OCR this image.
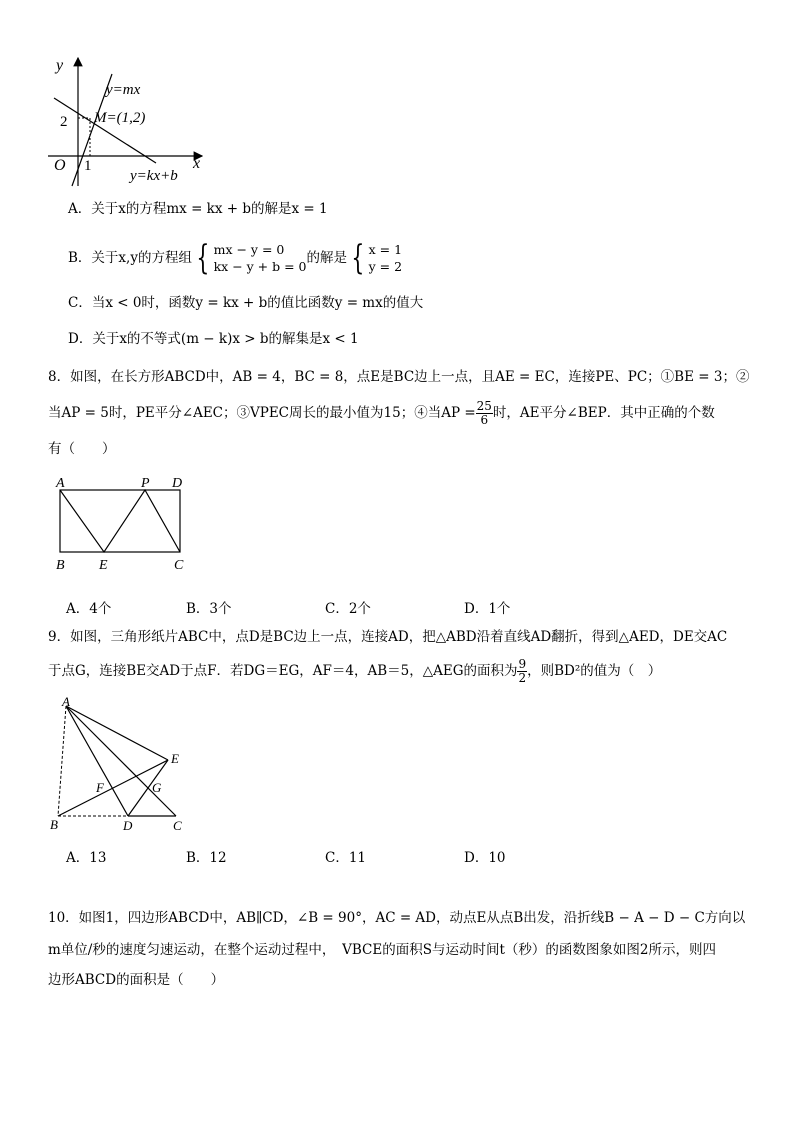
y
x
O 1
2
y=mx
M=(1,2)
y=kx+b
A．关于x的方程mx = kx + b的解是x = 1
B．关于x,y的方程组 { mx − y = 0
kx − y + b = 0
的解是 { x = 1
y = 2
C．当x < 0时，函数y = kx + b的值比函数y = mx的值大
D．关于x的不等式(m − k)x > b的解集是x < 1
8．如图，在长方形ABCD中，AB = 4，BC = 8，点E是BC边上一点，且AE = EC，连接PE、PC；①BE = 3；②
当AP = 5时，PE平分∠AEC；③VPEC周长的最小值为15；④当AP = $\frac{25}{6}$ 时，AE平分∠BEP．其中正确的个数
有（　　）
A	P D
B E	C
A．4个	B．3个	C．2个	D．1个
9．如图，三角形纸片ABC中，点D是BC边上一点，连接AD，把△ABD沿着直线AD翻折，得到△AED，DE交AC
于点G，连接BE交AD于点F．若DG＝EG，AF＝4，AB＝5，△AEG的面积为 $\frac{9}{2}$ ，则BD²的值为（　）
A
E
F	G
B	D	C
A．13	B．12	C．11	D．10
10．如图1，四边形ABCD中，AB∥CD，∠B = 90°，AC = AD，动点E从点B出发，沿折线B − A − D − C方向以
m单位/秒的速度匀速运动，在整个运动过程中，　VBCE的面积S与运动时间t（秒）的函数图象如图2所示，则四
边形ABCD的面积是（　　）
